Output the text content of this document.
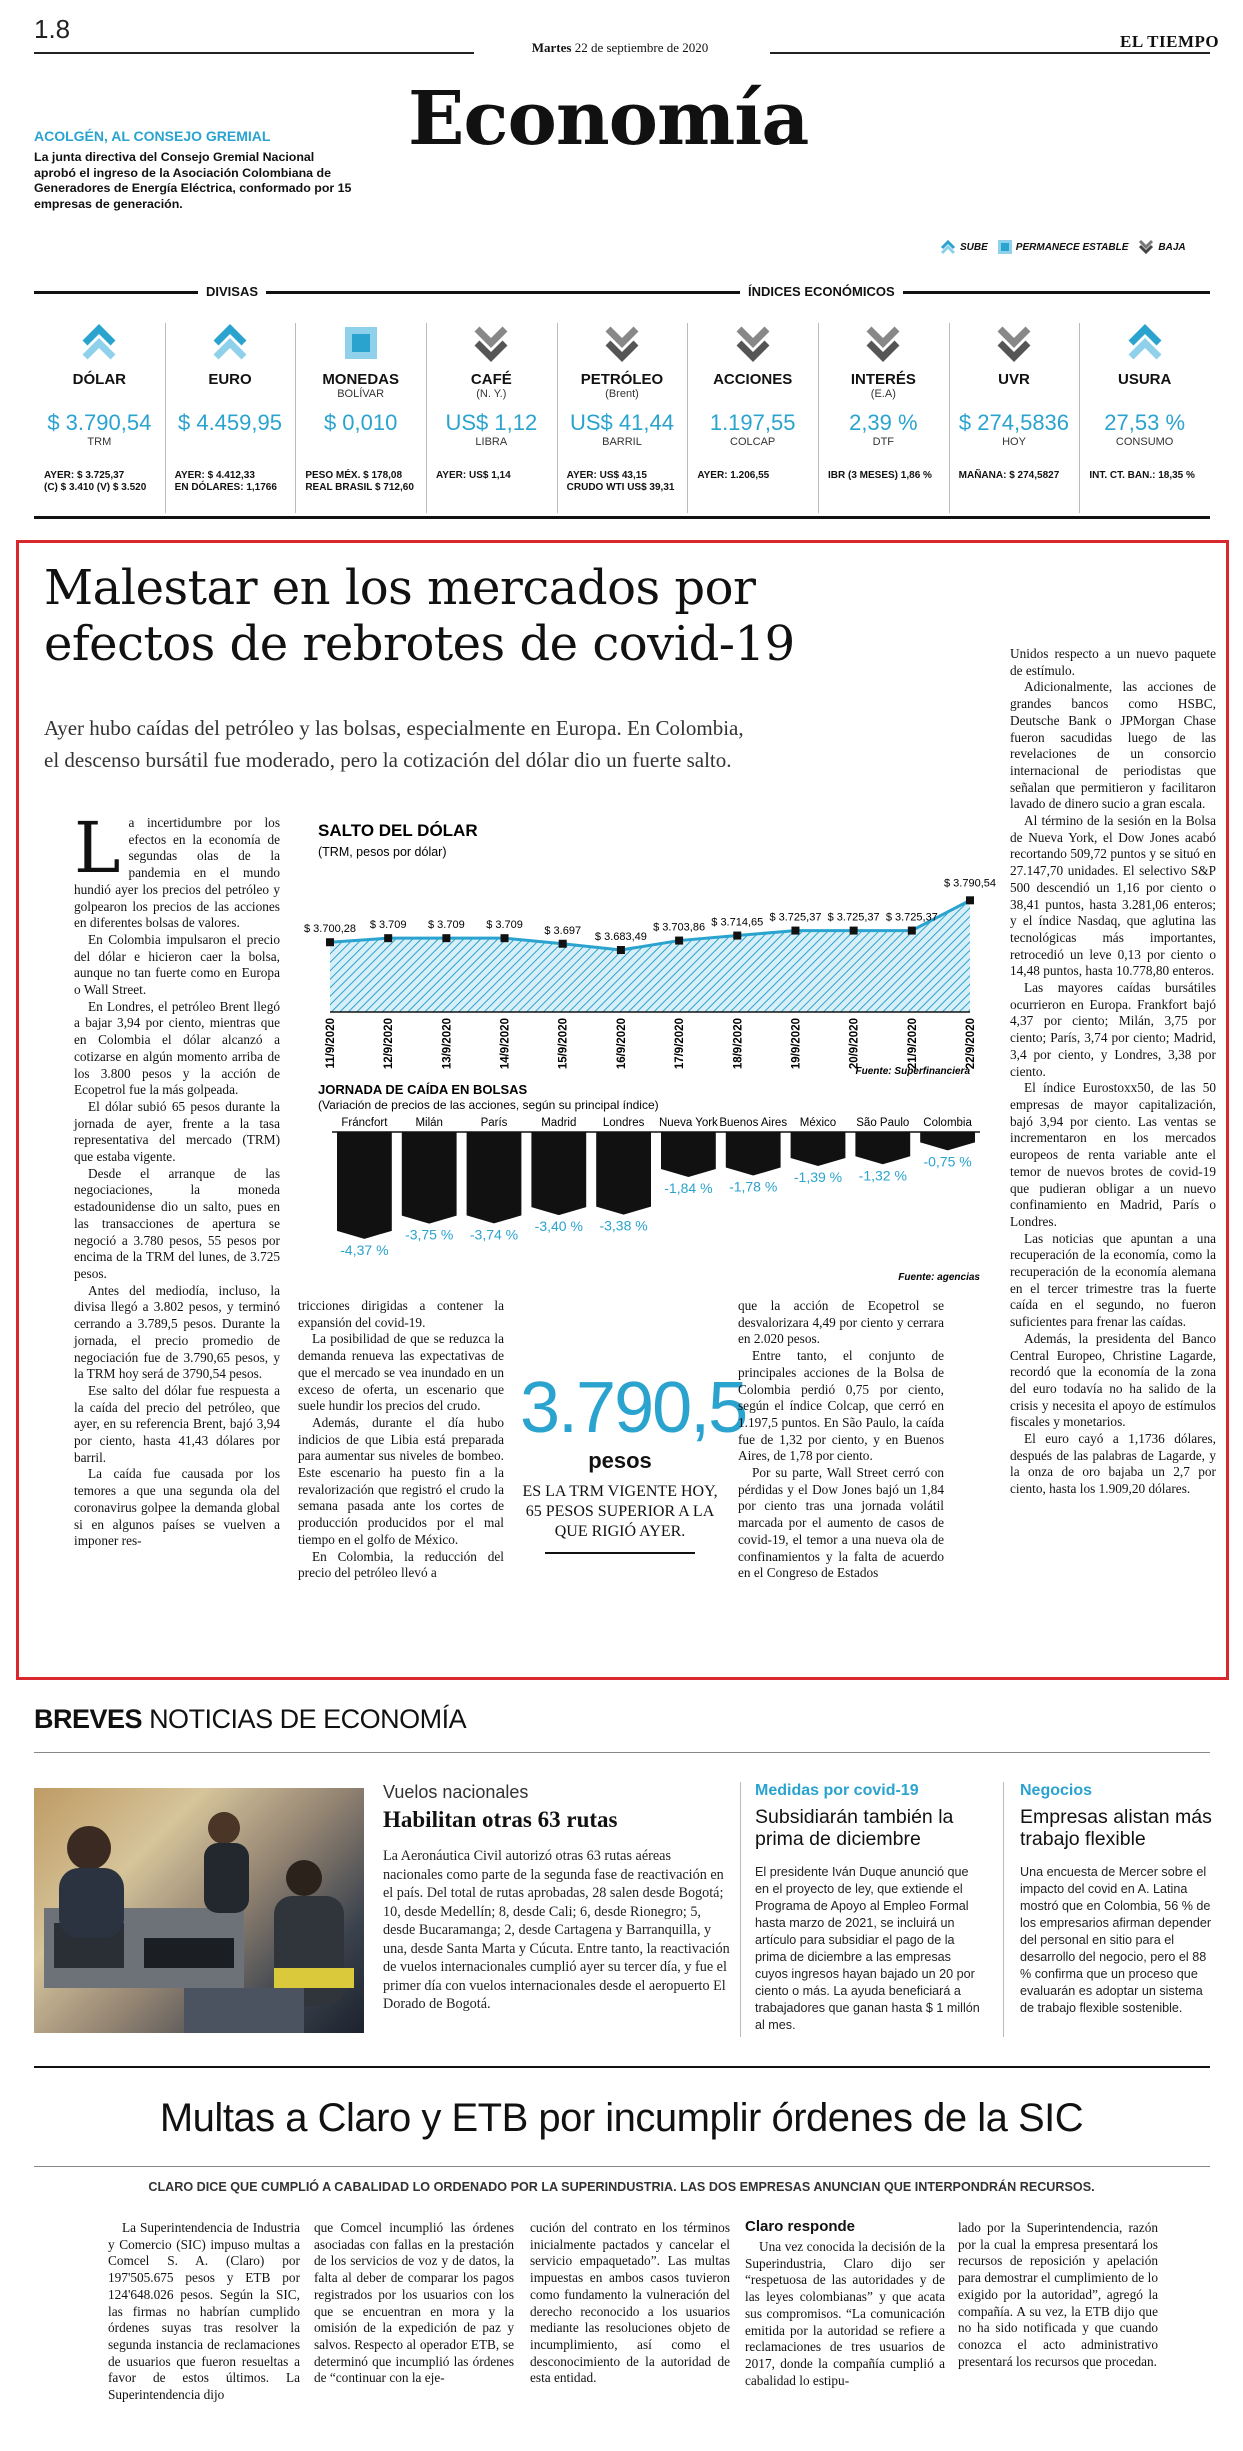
1.8
Martes 22 de septiembre de 2020	EL TIEMPO
ACOLGÉN, AL CONSEJO GREMIAL
La junta directiva del Consejo Gremial Nacional aprobó el ingreso de la Asociación Colombiana de Generadores de Energía Eléctrica, conformado por 15 empresas de generación.
Economía
SUBE	PERMANECE ESTABLE	BAJA
DIVISAS	ÍNDICES ECONÓMICOS
DÓLAR

$ 3.790,54
TRM
AYER: $ 3.725,37
(C) $ 3.410 (V) $ 3.520
EURO

$ 4.459,95

AYER: $ 4.412,33
EN DÓLARES: 1,1766
MONEDAS
BOLÍVAR
$ 0,010

PESO MÉX. $ 178,08
REAL BRASIL $ 712,60
CAFÉ
(N. Y.)
US$ 1,12
LIBRA
AYER: US$ 1,14
PETRÓLEO
(Brent)
US$ 41,44
BARRIL
AYER: US$ 43,15
CRUDO WTI US$ 39,31
ACCIONES

1.197,55
COLCAP
AYER: 1.206,55
INTERÉS
(E.A)
2,39 %
DTF
IBR (3 MESES) 1,86 %
UVR

$ 274,5836
HOY
MAÑANA: $ 274,5827
USURA

27,53 %
CONSUMO
INT. CT. BAN.: 18,35 %
Malestar en los mercados por
efectos de rebrotes de covid-19
Ayer hubo caídas del petróleo y las bolsas, especialmente en Europa. En Colombia,
el descenso bursátil fue moderado, pero la cotización del dólar dio un fuerte salto.
L a incertidumbre por los efectos en la economía de segundas olas de la pandemia en el mundo hundió ayer los precios del petróleo y golpearon los precios de las acciones en diferentes bolsas de valores.

En Colombia impulsaron el precio del dólar e hicieron caer la bolsa, aunque no tan fuerte como en Europa o Wall Street.

En Londres, el petróleo Brent llegó a bajar 3,94 por ciento, mientras que en Colombia el dólar alcanzó a cotizarse en algún momento arriba de los 3.800 pesos y la acción de Ecopetrol fue la más golpeada.

El dólar subió 65 pesos durante la jornada de ayer, frente a la tasa representativa del mercado (TRM) que estaba vigente.

Desde el arranque de las negociaciones, la moneda estadounidense dio un salto, pues en las transacciones de apertura se negoció a 3.780 pesos, 55 pesos por encima de la TRM del lunes, de 3.725 pesos.

Antes del mediodía, incluso, la divisa llegó a 3.802 pesos, y terminó cerrando a 3.789,5 pesos. Durante la jornada, el precio promedio de negociación fue de 3.790,65 pesos, y la TRM hoy será de 3790,54 pesos.

Ese salto del dólar fue respuesta a la caída del precio del petróleo, que ayer, en su referencia Brent, bajó 3,94 por ciento, hasta 41,43 dólares por barril.

La caída fue causada por los temores a que una segunda ola del coronavirus golpee la demanda global si en algunos países se vuelven a imponer res-

SALTO DEL DÓLAR
(TRM, pesos por dólar)
$ 3.700,28
11/9/2020
$ 3.709
12/9/2020
$ 3.709
13/9/2020
$ 3.709
14/9/2020
$ 3.697
15/9/2020
$ 3.683,49
16/9/2020
$ 3.703,86
17/9/2020
$ 3.714,65
18/9/2020
$ 3.725,37
19/9/2020
$ 3.725,37
20/9/2020
$ 3.725,37
21/9/2020
$ 3.790,54
22/9/2020
Fuente: Superfinanciera
JORNADA DE CAÍDA EN BOLSAS
(Variación de precios de las acciones, según su principal índice)
Fráncfort
-4,37 %
Milán
-3,75 %
París
-3,74 %
Madrid
-3,40 %
Londres
-3,38 %
Nueva York
-1,84 %
Buenos Aires
-1,78 %
México
-1,39 %
São Paulo
-1,32 %
Colombia
-0,75 %
Fuente: agencias

tricciones dirigidas a contener la expansión del covid-19.

La posibilidad de que se reduzca la demanda renueva las expectativas de que el mercado se vea inundado en un exceso de oferta, un escenario que suele hundir los precios del crudo.

Además, durante el día hubo indicios de que Libia está preparada para aumentar sus niveles de bombeo. Este escenario ha puesto fin a la revalorización que registró el crudo la semana pasada ante los cortes de producción producidos por el mal tiempo en el golfo de México.

En Colombia, la reducción del precio del petróleo llevó a

3.790,5
pesos
ES LA TRM VIGENTE HOY, 65 PESOS SUPERIOR A LA QUE RIGIÓ AYER.

que la acción de Ecopetrol se desvalorizara 4,49 por ciento y cerrara en 2.020 pesos.

Entre tanto, el conjunto de principales acciones de la Bolsa de Colombia perdió 0,75 por ciento, según el índice Colcap, que cerró en 1.197,5 puntos. En São Paulo, la caída fue de 1,32 por ciento, y en Buenos Aires, de 1,78 por ciento.

Por su parte, Wall Street cerró con pérdidas y el Dow Jones bajó un 1,84 por ciento tras una jornada volátil marcada por el aumento de casos de covid-19, el temor a una nueva ola de confinamientos y la falta de acuerdo en el Congreso de Estados

Unidos respecto a un nuevo paquete de estímulo.

Adicionalmente, las acciones de grandes bancos como HSBC, Deutsche Bank o JPMorgan Chase fueron sacudidas luego de las revelaciones de un consorcio internacional de periodistas que señalan que permitieron y facilitaron lavado de dinero sucio a gran escala.

Al término de la sesión en la Bolsa de Nueva York, el Dow Jones acabó recortando 509,72 puntos y se situó en 27.147,70 unidades. El selectivo S&P 500 descendió un 1,16 por ciento o 38,41 puntos, hasta 3.281,06 enteros; y el índice Nasdaq, que aglutina las tecnológicas más importantes, retrocedió un leve 0,13 por ciento o 14,48 puntos, hasta 10.778,80 enteros.

Las mayores caídas bursátiles ocurrieron en Europa. Frankfort bajó 4,37 por ciento; Milán, 3,75 por ciento; París, 3,74 por ciento; Madrid, 3,4 por ciento, y Londres, 3,38 por ciento.

El índice Eurostoxx50, de las 50 empresas de mayor capitalización, bajó 3,94 por ciento. Las ventas se incrementaron en los mercados europeos de renta variable ante el temor de nuevos brotes de covid-19 que pudieran obligar a un nuevo confinamiento en Madrid, París o Londres.

Las noticias que apuntan a una recuperación de la economía, como la recuperación de la economía alemana en el tercer trimestre tras la fuerte caída en el segundo, no fueron suficientes para frenar las caídas.

Además, la presidenta del Banco Central Europeo, Christine Lagarde, recordó que la economía de la zona del euro todavía no ha salido de la crisis y necesita el apoyo de estímulos fiscales y monetarios.

El euro cayó a 1,1736 dólares, después de las palabras de Lagarde, y la onza de oro bajaba un 2,7 por ciento, hasta los 1.909,20 dólares.

BREVES NOTICIAS DE ECONOMÍA
Vuelos nacionales
Habilitan otras 63 rutas
La Aeronáutica Civil autorizó otras 63 rutas aéreas nacionales como parte de la segunda fase de reactivación en el país. Del total de rutas aprobadas, 28 salen desde Bogotá; 10, desde Medellín; 8, desde Cali; 6, desde Rionegro; 5, desde Bucaramanga; 2, desde Cartagena y Barranquilla, y una, desde Santa Marta y Cúcuta. Entre tanto, la reactivación de vuelos internacionales cumplió ayer su tercer día, y fue el primer día con vuelos internacionales desde el aeropuerto El Dorado de Bogotá.
Medidas por covid-19
Subsidiarán también la prima de diciembre
El presidente Iván Duque anunció que en el proyecto de ley, que extiende el Programa de Apoyo al Empleo Formal hasta marzo de 2021, se incluirá un artículo para subsidiar el pago de la prima de diciembre a las empresas cuyos ingresos hayan bajado un 20 por ciento o más. La ayuda beneficiará a trabajadores que ganan hasta $ 1 millón al mes.
Negocios
Empresas alistan más trabajo flexible
Una encuesta de Mercer sobre el impacto del covid en A. Latina mostró que en Colombia, 56 % de los empresarios afirman depender del personal en sitio para el desarrollo del negocio, pero el 88 % confirma que un proceso que evaluarán es adoptar un sistema de trabajo flexible sostenible.
Multas a Claro y ETB por incumplir órdenes de la SIC
CLARO DICE QUE CUMPLIÓ A CABALIDAD LO ORDENADO POR LA SUPERINDUSTRIA. LAS DOS EMPRESAS ANUNCIAN QUE INTERPONDRÁN RECURSOS.
La Superintendencia de Industria y Comercio (SIC) impuso multas a Comcel S. A. (Claro) por 197'505.675 pesos y ETB por 124'648.026 pesos. Según la SIC, las firmas no habrían cumplido órdenes suyas tras resolver la segunda instancia de reclamaciones de usuarios que fueron resueltas a favor de estos últimos. La Superintendencia dijo
que Comcel incumplió las órdenes asociadas con fallas en la prestación de los servicios de voz y de datos, la falta al deber de comparar los pagos registrados por los usuarios con los que se encuentran en mora y la omisión de la expedición de paz y salvos. Respecto al operador ETB, se determinó que incumplió las órdenes de “continuar con la eje-
cución del contrato en los términos inicialmente pactados y cancelar el servicio empaquetado”. Las multas impuestas en ambos casos tuvieron como fundamento la vulneración del derecho reconocido a los usuarios mediante las resoluciones objeto de incumplimiento, así como el desconocimiento de la autoridad de esta entidad.
Claro responde
Una vez conocida la decisión de la Superindustria, Claro dijo ser “respetuosa de las autoridades y de las leyes colombianas” y que acata sus compromisos. “La comunicación emitida por la autoridad se refiere a reclamaciones de tres usuarios de 2017, donde la compañía cumplió a cabalidad lo estipu-
lado por la Superintendencia, razón por la cual la empresa presentará los recursos de reposición y apelación para demostrar el cumplimiento de lo exigido por la autoridad”, agregó la compañía. A su vez, la ETB dijo que no ha sido notificada y que cuando conozca el acto administrativo presentará los recursos que procedan.
